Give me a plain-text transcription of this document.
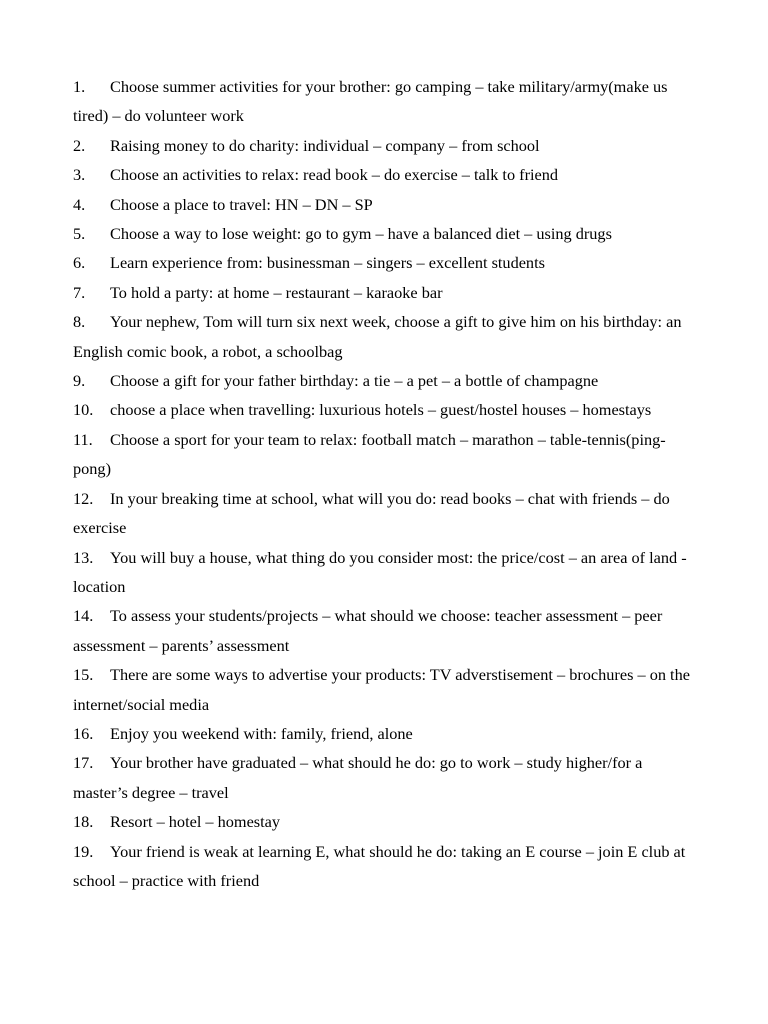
1. Choose summer activities for your brother: go camping – take military/army(make us tired) – do volunteer work
2. Raising money to do charity: individual – company – from school
3. Choose an activities to relax: read book – do exercise – talk to friend
4. Choose a place to travel: HN – DN – SP
5. Choose a way to lose weight: go to gym – have a balanced diet – using drugs
6. Learn experience from: businessman – singers – excellent students
7. To hold a party: at home – restaurant – karaoke bar
8. Your nephew, Tom will turn six next week, choose a gift to give him on his birthday: an English comic book, a robot, a schoolbag
9. Choose a gift for your father birthday: a tie – a pet – a bottle of champagne
10. choose a place when travelling: luxurious hotels – guest/hostel houses – homestays
11. Choose a sport for your team to relax: football match – marathon – table-tennis(ping-pong)
12. In your breaking time at school, what will you do: read books – chat with friends – do exercise
13. You will buy a house, what thing do you consider most: the price/cost – an area of land - location
14. To assess your students/projects – what should we choose: teacher assessment – peer assessment – parents’ assessment
15. There are some ways to advertise your products: TV adverstisement – brochures – on the internet/social media
16. Enjoy you weekend with: family, friend, alone
17. Your brother have graduated – what should he do: go to work – study higher/for a master’s degree – travel
18. Resort – hotel – homestay
19. Your friend is weak at learning E, what should he do: taking an E course – join E club at school – practice with friend
